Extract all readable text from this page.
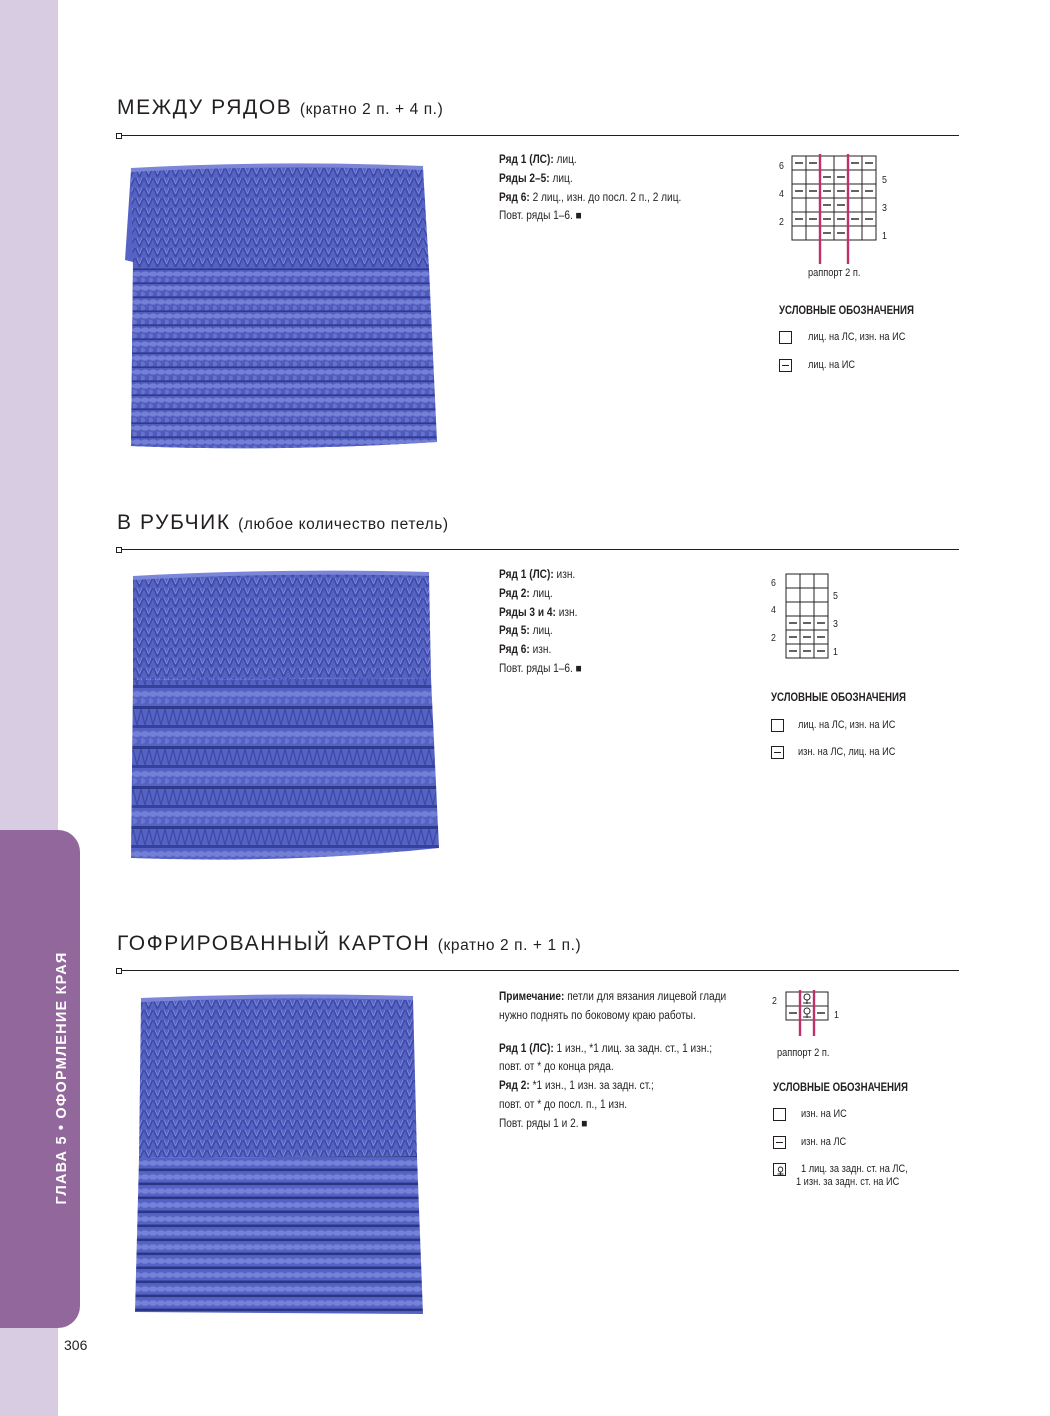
ГЛАВА 5 • ОФОРМЛЕНИЕ КРАЯ
306
МЕЖДУ РЯДОВ (кратно 2 п. + 4 п.)
Ряд 1 (ЛС): лиц.
Ряды 2–5: лиц.
Ряд 6: 2 лиц., изн. до посл. 2 п., 2 лиц.
Повт. ряды 1–6. ■
6
4
2
5
3
1
раппорт 2 п.
УСЛОВНЫЕ ОБОЗНАЧЕНИЯ
лиц. на ЛС, изн. на ИС
лиц. на ИС
В РУБЧИК (любое количество петель)
Ряд 1 (ЛС): изн.
Ряд 2: лиц.
Ряды 3 и 4: изн.
Ряд 5: лиц.
Ряд 6: изн.
Повт. ряды 1–6. ■
6
4
2
5
3
1
УСЛОВНЫЕ ОБОЗНАЧЕНИЯ
лиц. на ЛС, изн. на ИС
изн. на ЛС, лиц. на ИС
ГОФРИРОВАННЫЙ КАРТОН (кратно 2 п. + 1 п.)
Примечание: петли для вязания лицевой глади
нужно поднять по боковому краю работы.
Ряд 1 (ЛС): 1 изн., *1 лиц. за задн. ст., 1 изн.;
повт. от * до конца ряда.
Ряд 2: *1 изн., 1 изн. за задн. ст.;
повт. от * до посл. п., 1 изн.
Повт. ряды 1 и 2. ■
2
1
раппорт 2 п.
УСЛОВНЫЕ ОБОЗНАЧЕНИЯ
изн. на ИС
изн. на ЛС
1 лиц. за задн. ст. на ЛС,
1 изн. за задн. ст. на ИС
